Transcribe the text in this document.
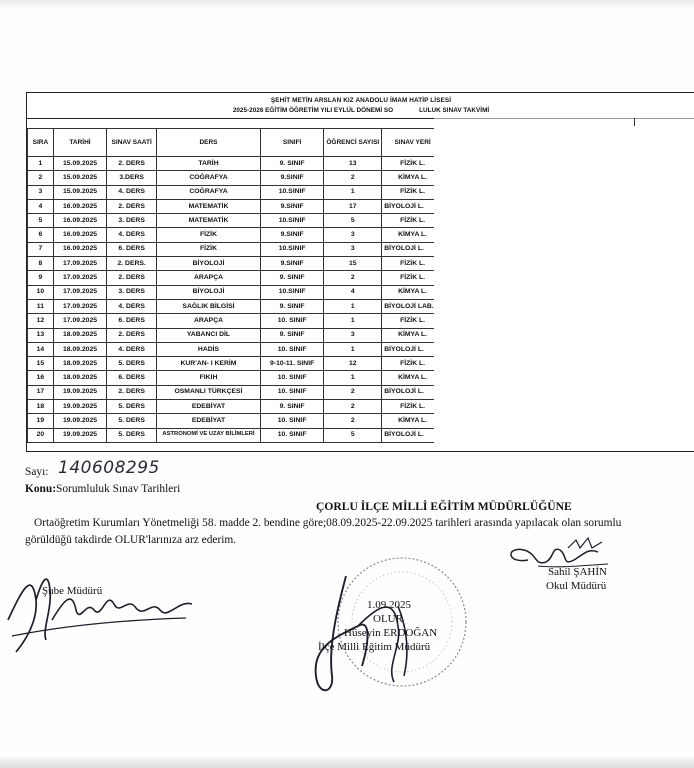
ŞEHİT METİN ARSLAN KIZ ANADOLU İMAM HATİP LİSESİ
2025-2026 EĞİTİM ÖĞRETİM YILI EYLÜL DÖNEMİ SO	LULUK SINAV TAKVİMİ
SIRA	TARİHİ	SINAV SAATİ	DERS	SINIFI	ÖĞRENCİ SAYISI	SINAV YERİ	
1	15.09.2025	2. DERS	TARİH	9. SINIF	13	FİZİK L.	
2	15.09.2025	3.DERS	COĞRAFYA	9.SINIF	2	KİMYA L.	
3	15.09.2025	4. DERS	COĞRAFYA	10.SINIF	1	FİZİK L.	
4	16.09.2025	2. DERS	MATEMATİK	9.SINIF	17	BİYOLOJİ L.	
5	16.09.2025	3. DERS	MATEMATİK	10.SINIF	5	FİZİK L.	
6	16.09.2025	4. DERS	FİZİK	9.SINIF	3	KİMYA L.	
7	16.09.2025	6. DERS	FİZİK	10.SINIF	3	BİYOLOJİ L.	
8	17.09.2025	2. DERS.	BİYOLOJİ	9.SINIF	15	FİZİK L.	
9	17.09.2025	2. DERS	ARAPÇA	9. SINIF	2	FİZİK L.	
10	17.09.2025	3. DERS	BİYOLOJİ	10.SINIF	4	KİMYA L.	
11	17.09.2025	4. DERS	SAĞLIK BİLGİSİ	9. SINIF	1	BİYOLOJİ LAB.	
12	17.09.2025	6. DERS	ARAPÇA	10. SINIF	1	FİZİK L.	
13	18.09.2025	2. DERS	YABANCI DİL	9. SINIF	3	KİMYA L.	
14	18.09.2025	4. DERS	HADİS	10. SINIF	1	BİYOLOJİ L.	
15	18.09.2025	5. DERS	KUR'AN- I KERİM	9-10-11. SINIF	12	FİZİK L.	
16	18.09.2025	6. DERS	FIKIH	10. SINIF	1	KİMYA L.	
17	19.09.2025	2. DERS	OSMANLI TÜRKÇESİ	10. SINIF	2	BİYOLOJİ L.	
18	19.09.2025	5. DERS	EDEBİYAT	9. SINIF	2	FİZİK L.	
19	19.09.2025	5. DERS	EDEBİYAT	10. SINIF	2	KİMYA L.	
20	19.09.2025	5. DERS	ASTRONOMİ VE UZAY BİLİMLERİ	10. SINIF	5	BİYOLOJİ L.	
Sayı: 140608295
Konu:Sorumluluk Sınav Tarihleri
ÇORLU İLÇE MİLLİ EĞİTİM MÜDÜRLÜĞÜNE
Ortaöğretim Kurumları Yönetmeliği 58. madde 2. bendine göre;08.09.2025-22.09.2025 tarihleri arasında yapılacak olan sorumlu
görüldüğü takdirde OLUR'larınıza arz ederim.
Sahil ŞAHİN
Okul Müdürü
Şube Müdürü
1.09.2025
OLUR
Hüseyin ERDOĞAN
İlçe Milli Eğitim Müdürü
